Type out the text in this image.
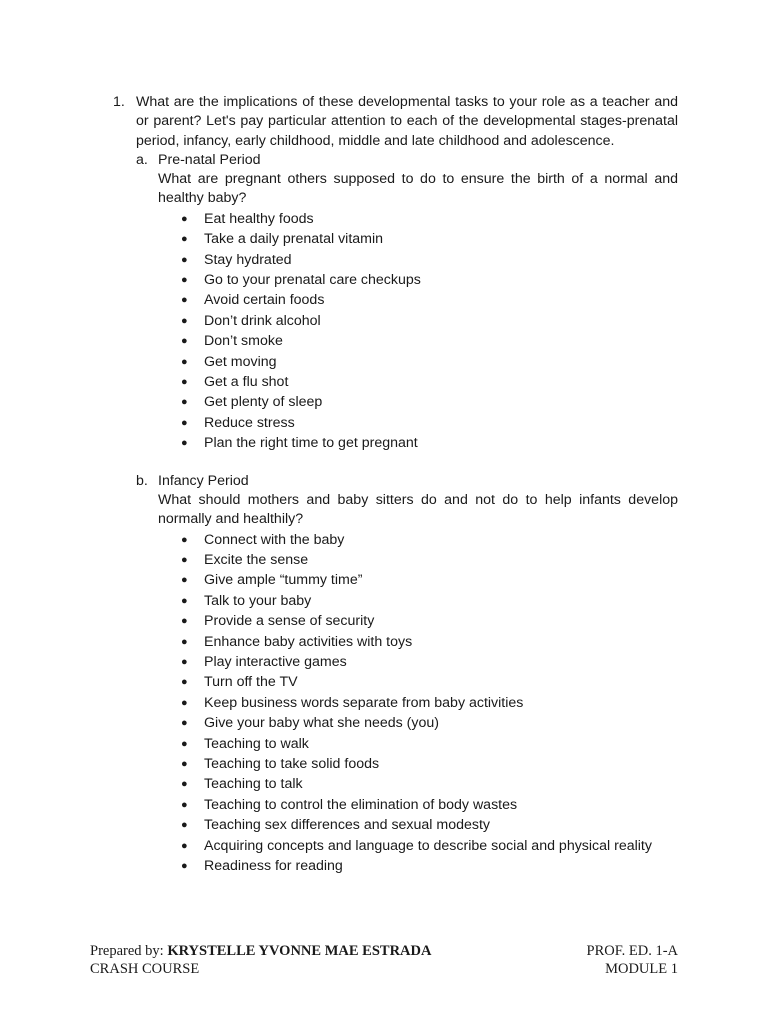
1. What are the implications of these developmental tasks to your role as a teacher and or parent? Let's pay particular attention to each of the developmental stages-prenatal period, infancy, early childhood, middle and late childhood and adolescence.
a. Pre-natal Period
What are pregnant others supposed to do to ensure the birth of a normal and healthy baby?
● Eat healthy foods
● Take a daily prenatal vitamin
● Stay hydrated
● Go to your prenatal care checkups
● Avoid certain foods
● Don’t drink alcohol
● Don’t smoke
● Get moving
● Get a flu shot
● Get plenty of sleep
● Reduce stress
● Plan the right time to get pregnant
b. Infancy Period
What should mothers and baby sitters do and not do to help infants develop normally and healthily?
● Connect with the baby
● Excite the sense
● Give ample “tummy time”
● Talk to your baby
● Provide a sense of security
● Enhance baby activities with toys
● Play interactive games
● Turn off the TV
● Keep business words separate from baby activities
● Give your baby what she needs (you)
● Teaching to walk
● Teaching to take solid foods
● Teaching to talk
● Teaching to control the elimination of body wastes
● Teaching sex differences and sexual modesty
● Acquiring concepts and language to describe social and physical reality
● Readiness for reading
Prepared by: KRYSTELLE YVONNE MAE ESTRADA
CRASH COURSE
PROF. ED. 1-A
MODULE 1
